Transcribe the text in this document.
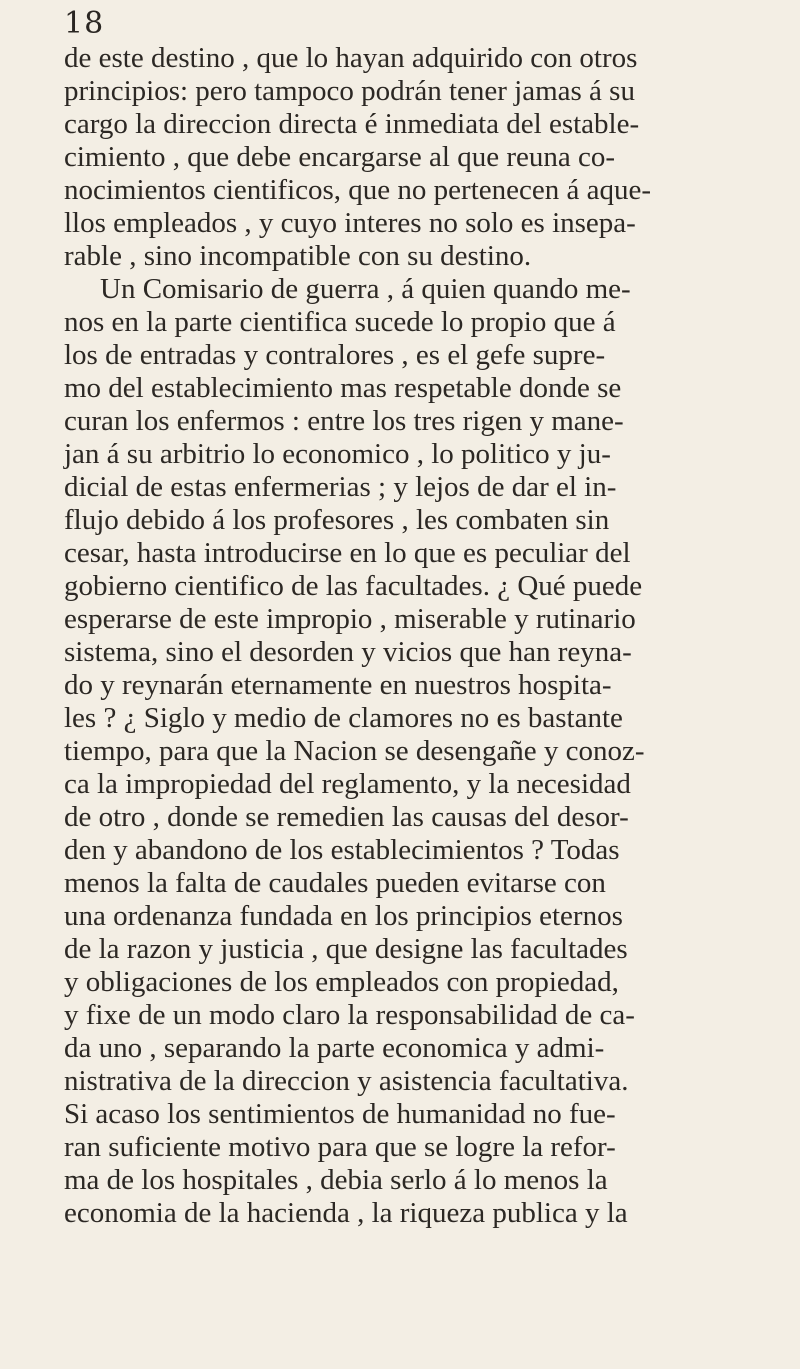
18
de este destino , que lo hayan adquirido con otros
principios: pero tampoco podrán tener jamas á su
cargo la direccion directa é inmediata del estable-
cimiento , que debe encargarse al que reuna co-
nocimientos cientificos, que no pertenecen á aque-
llos empleados , y cuyo interes no solo es insepa-
rable , sino incompatible con su destino.
Un Comisario de guerra , á quien quando me-
nos en la parte cientifica sucede lo propio que á
los de entradas y contralores , es el gefe supre-
mo del establecimiento mas respetable donde se
curan los enfermos : entre los tres rigen y mane-
jan á su arbitrio lo economico , lo politico y ju-
dicial de estas enfermerias ; y lejos de dar el in-
flujo debido á los profesores , les combaten sin
cesar, hasta introducirse en lo que es peculiar del
gobierno cientifico de las facultades. ¿ Qué puede
esperarse de este impropio , miserable y rutinario
sistema, sino el desorden y vicios que han reyna-
do y reynarán eternamente en nuestros hospita-
les ? ¿ Siglo y medio de clamores no es bastante
tiempo, para que la Nacion se desengañe y conoz-
ca la impropiedad del reglamento, y la necesidad
de otro , donde se remedien las causas del desor-
den y abandono de los establecimientos ? Todas
menos la falta de caudales pueden evitarse con
una ordenanza fundada en los principios eternos
de la razon y justicia , que designe las facultades
y obligaciones de los empleados con propiedad,
y fixe de un modo claro la responsabilidad de ca-
da uno , separando la parte economica y admi-
nistrativa de la direccion y asistencia facultativa.
Si acaso los sentimientos de humanidad no fue-
ran suficiente motivo para que se logre la refor-
ma de los hospitales , debia serlo á lo menos la
economia de la hacienda , la riqueza publica y la
